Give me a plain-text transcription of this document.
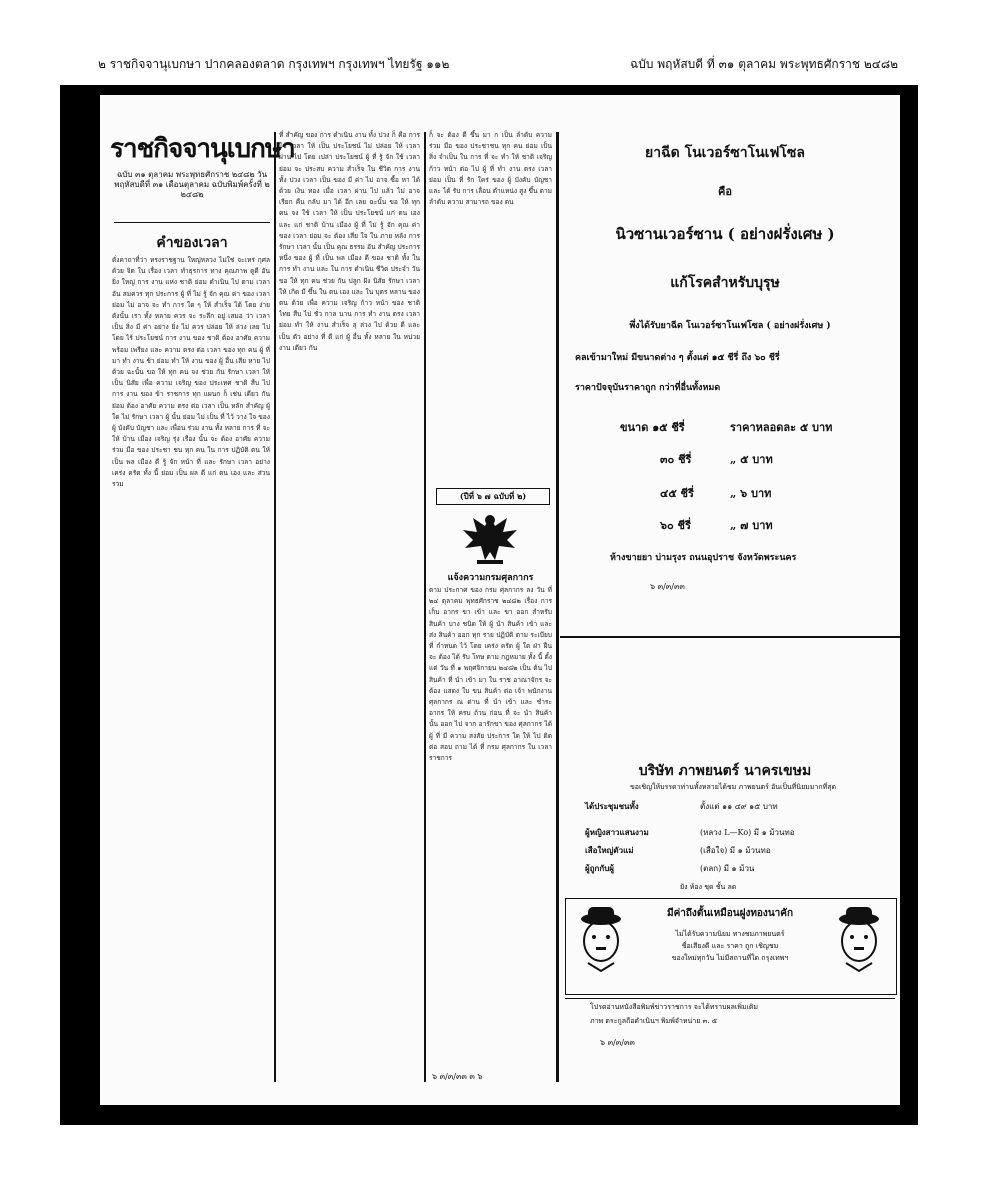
๒ ราชกิจจานุเบกษา ปากคลองตลาด กรุงเทพฯ กรุงเทพฯ ไทยรัฐ ๑๑๒	ฉบับ พฤหัสบดี ที่ ๓๑ ตุลาคม พระพุทธศักราช ๒๔๘๒
ราชกิจจานุเบกษา
ฉบับ ๓๑ ตุลาคม พระพุทธศักราช ๒๔๘๒ วันพฤหัสบดีที่ ๓๑ เดือนตุลาคม ฉบับพิมพ์ครั้งที่ ๒ ๒๔๘๒
คำของเวลา
ดั่งคาถาที่ว่า ทรงราชฐาน ใหญ่หลวง ไม่ใช่ จะเหร่ กุศล ด้วย จิต ใน เรื่อง เวลา ทำธุรการ ทาง คุณภาพ ดูดี อันยิ่ง ใหญ่ การ งาน แห่ง ชาติ ย่อม ดำเนิน ไป ตาม เวลา อัน สมควร ทุก ประการ ผู้ ที่ ไม่ รู้ จัก คุณ ค่า ของ เวลา ย่อม ไม่ อาจ จะ ทำ การ ใด ๆ ให้ สำเร็จ ได้ โดย ง่าย ดังนั้น เรา ทั้ง หลาย ควร จะ ระลึก อยู่ เสมอ ว่า เวลา เป็น สิ่ง มี ค่า อย่าง ยิ่ง ไม่ ควร ปล่อย ให้ ล่วง เลย ไป โดย ไร้ ประโยชน์ การ งาน ของ ชาติ ต้อง อาศัย ความ พร้อม เพรียง และ ความ ตรง ต่อ เวลา ของ ทุก คน ผู้ ที่ มา ทำ งาน ช้า ย่อม ทำ ให้ งาน ของ ผู้ อื่น เสีย หาย ไป ด้วย ฉะนั้น ขอ ให้ ทุก คน จง ช่วย กัน รักษา เวลา ให้ เป็น นิสัย เพื่อ ความ เจริญ ของ ประเทศ ชาติ สืบ ไป การ งาน ของ ข้า ราชการ ทุก แผนก ก็ เช่น เดียว กัน ย่อม ต้อง อาศัย ความ ตรง ต่อ เวลา เป็น หลัก สำคัญ ผู้ ใด ไม่ รักษา เวลา ผู้ นั้น ย่อม ไม่ เป็น ที่ ไว้ วาง ใจ ของ ผู้ บังคับ บัญชา และ เพื่อน ร่วม งาน ทั้ง หลาย การ ที่ จะ ให้ บ้าน เมือง เจริญ รุ่ง เรือง นั้น จะ ต้อง อาศัย ความ ร่วม มือ ของ ประชา ชน ทุก คน ใน การ ปฏิบัติ ตน ให้ เป็น พล เมือง ดี รู้ จัก หน้า ที่ และ รักษา เวลา อย่าง เคร่ง ครัด ทั้ง นี้ ย่อม เป็น ผล ดี แก่ ตน เอง และ ส่วน รวม
ที่ สำคัญ ของ การ ดำเนิน งาน ทั้ง ปวง ก็ คือ การ ใช้ เวลา ให้ เป็น ประโยชน์ ไม่ ปล่อย ให้ เวลา ผ่าน ไป โดย เปล่า ประโยชน์ ผู้ ที่ รู้ จัก ใช้ เวลา ย่อม จะ ประสบ ความ สำเร็จ ใน ชีวิต การ งาน ทั้ง ปวง เวลา เป็น ของ มี ค่า ไม่ อาจ ซื้อ หา ได้ ด้วย เงิน ทอง เมื่อ เวลา ผ่าน ไป แล้ว ไม่ อาจ เรียก คืน กลับ มา ได้ อีก เลย ฉะนั้น ขอ ให้ ทุก คน จง ใช้ เวลา ให้ เป็น ประโยชน์ แก่ ตน เอง และ แก่ ชาติ บ้าน เมือง ผู้ ที่ ไม่ รู้ จัก คุณ ค่า ของ เวลา ย่อม จะ ต้อง เสีย ใจ ใน ภาย หลัง การ รักษา เวลา นั้น เป็น คุณ ธรรม อัน สำคัญ ประการ หนึ่ง ของ ผู้ ที่ เป็น พล เมือง ดี ของ ชาติ ทั้ง ใน การ ทำ งาน และ ใน การ ดำเนิน ชีวิต ประจำ วัน ขอ ให้ ทุก คน ช่วย กัน ปลูก ฝัง นิสัย รักษา เวลา ให้ เกิด มี ขึ้น ใน ตน เอง และ ใน บุตร หลาน ของ ตน ด้วย เพื่อ ความ เจริญ ก้าว หน้า ของ ชาติ ไทย สืบ ไป ชั่ว กาล นาน การ ทำ งาน ตรง เวลา ย่อม ทำ ให้ งาน สำเร็จ ลุ ล่วง ไป ด้วย ดี และ เป็น ตัว อย่าง ที่ ดี แก่ ผู้ อื่น ทั้ง หลาย ใน หน่วย งาน เดียว กัน
ก็ จะ ต้อง ดี ขึ้น มา ก เป็น ลำดับ ความ ร่วม มือ ของ ประชาชน ทุก คน ย่อม เป็น สิ่ง จำเป็น ใน การ ที่ จะ ทำ ให้ ชาติ เจริญ ก้าว หน้า ต่อ ไป ผู้ ที่ ทำ งาน ตรง เวลา ย่อม เป็น ที่ รัก ใคร่ ของ ผู้ บังคับ บัญชา และ ได้ รับ การ เลื่อน ตำแหน่ง สูง ขึ้น ตาม ลำดับ ความ สามารถ ของ ตน
(ปีที่ ๖ ๗ ฉบับที่ ๒)
แจ้งความกรมศุลกากร
ตาม ประกาศ ของ กรม ศุลกากร ลง วัน ที่ ๒๔ ตุลาคม พุทธศักราช ๒๔๘๒ เรื่อง การ เก็บ อากร ขา เข้า และ ขา ออก สำหรับ สินค้า บาง ชนิด ให้ ผู้ นำ สินค้า เข้า และ ส่ง สินค้า ออก ทุก ราย ปฏิบัติ ตาม ระเบียบ ที่ กำหนด ไว้ โดย เคร่ง ครัด ผู้ ใด ฝ่า ฝืน จะ ต้อง ได้ รับ โทษ ตาม กฎหมาย ทั้ง นี้ ตั้ง แต่ วัน ที่ ๑ พฤศจิกายน ๒๔๘๒ เป็น ต้น ไป สินค้า ที่ นำ เข้า มา ใน ราช อาณาจักร จะ ต้อง แสดง ใบ ขน สินค้า ต่อ เจ้า พนักงาน ศุลกากร ณ ด่าน ที่ นำ เข้า และ ชำระ อากร ให้ ครบ ถ้วน ก่อน ที่ จะ นำ สินค้า นั้น ออก ไป จาก อารักขา ของ ศุลกากร ได้ ผู้ ที่ มี ความ สงสัย ประการ ใด ให้ ไป ติด ต่อ สอบ ถาม ได้ ที่ กรม ศุลกากร ใน เวลา ราชการ
๖ ๓/๓/๓๓ ๓ ๖
ยาฉีด โนเวอร์ซาโนเฟโซล
คือ
นิวซานเวอร์ซาน ( อย่างฝรั่งเศษ )
แก้โรคสำหรับบุรุษ
พึ่งได้รับยาฉีด โนเวอร์ซาโนเฟโซล ( อย่างฝรั่งเศษ )
คลเข้ามาใหม่ มีขนาดต่าง ๆ ตั้งแต่ ๑๕ ชีรี่ ถึง ๖๐ ชีรี่
ราคาปัจจุบันราคาถูก กว่าที่อื่นทั้งหมด
ขนาด ๑๕ ชีรี่	ราคาหลอดละ ๕ บาท
๓๐ ชีรี่	„ ๕ บาท
๔๕ ชีรี่	„ ๖ บาท
๖๐ ชีรี่	„ ๗ บาท
ห้างขายยา บ่ามรุงร ถนนอุปราช จังหวัดพระนคร
๖ ๓/๓/๓๓
บริษัท ภาพยนตร์ นาครเขษม
ขอเชิญให้บรรดาท่านทั้งหลายได้ชม ภาพยนตร์ อันเป็นที่นิยมมากที่สุด
ได้ประชุมชนทั้ง	ตั้งแต่ ๑๑ ๔๙ ๑๕ บาท
ผู้หญิงสาวแสนงาม	(หลวง L—Ko) มี ๑ ม้วนทอ
เสือใหญ่ตัวแม่	(เสือใจ) มี ๑ ม้วนทอ
ผู้ถูกกับผู้	(ตลก) มี ๑ ม้วน
ยัง ห้อง ชุด ชั้น ลด
มีค่าถึงตั้นเหมือนฝูงทองนาคัก
ไม่ได้รับความนิยม ทางชมภาพยนตร์
ชื่อเสียงดี และ ราคา ถูก เชิญชม
ของใหม่ทุกวัน ไม่มีสถานที่ใด กรุงเทพฯ
โปรดอ่านหนังสือพิมพ์ข่าวราชการ จะได้ทราบผลเพิ่มเติม
ภาพ ตระกูลถือดำเนินฯ พิมพ์จำหน่าย ๓. ๕
๖ ๓/๓/๓๓
